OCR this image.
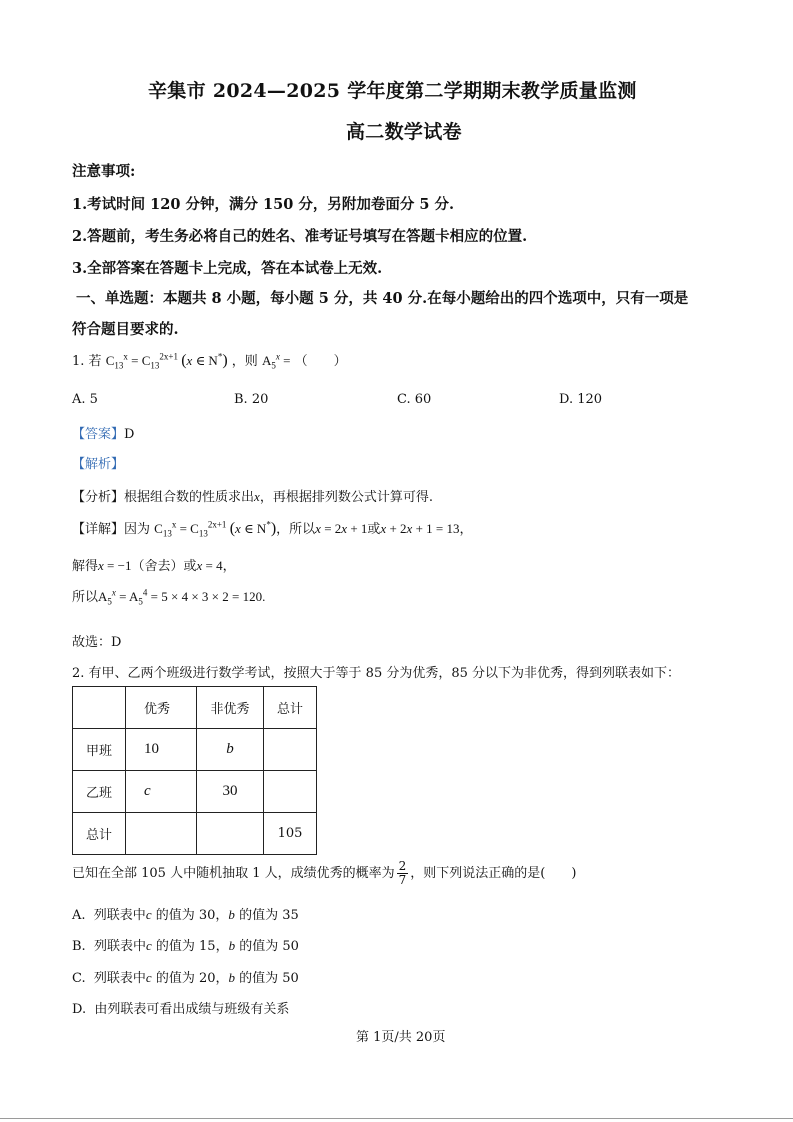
辛集市 2024—2025 学年度第二学期期末教学质量监测
高二数学试卷
注意事项:
1.考试时间 120 分钟，满分 150 分，另附加卷面分 5 分.
2.答题前，考生务必将自己的姓名、准考证号填写在答题卡相应的位置.
3.全部答案在答题卡上完成，答在本试卷上无效.
一、单选题：本题共 8 小题，每小题 5 分，共 40 分.在每小题给出的四个选项中，只有一项是
符合题目要求的.
1. 若 $C_{13}^x = C_{13}^{2x+1}$ (x ∈ N*) ，则 $A_5^x$ = （　　）
A. 5	B. 20	C. 60	D. 120
【答案】D
【解析】
【分析】根据组合数的性质求出x，再根据排列数公式计算可得.
【详解】因为 $C_{13}^x = C_{13}^{2x+1}$ (x ∈ N*)，所以x = 2x + 1或x + 2x + 1 = 13，
解得x = −1（舍去）或x = 4，
所以$A_5^x = A_5^4 = 5 \times 4 \times 3 \times 2 = 120$.
故选：D
2. 有甲、乙两个班级进行数学考试，按照大于等于 85 分为优秀，85 分以下为非优秀，得到列联表如下：
	优秀	非优秀	总计
甲班	10	b	
乙班	c	30	
总计			105
已知在全部 105 人中随机抽取 1 人，成绩优秀的概率为 $\frac{2}{7}$ ，则下列说法正确的是(　　)
A. 列联表中c 的值为 30，b 的值为 35
B. 列联表中c 的值为 15，b 的值为 50
C. 列联表中c 的值为 20，b 的值为 50
D. 由列联表可看出成绩与班级有关系
第 1页/共 20页
